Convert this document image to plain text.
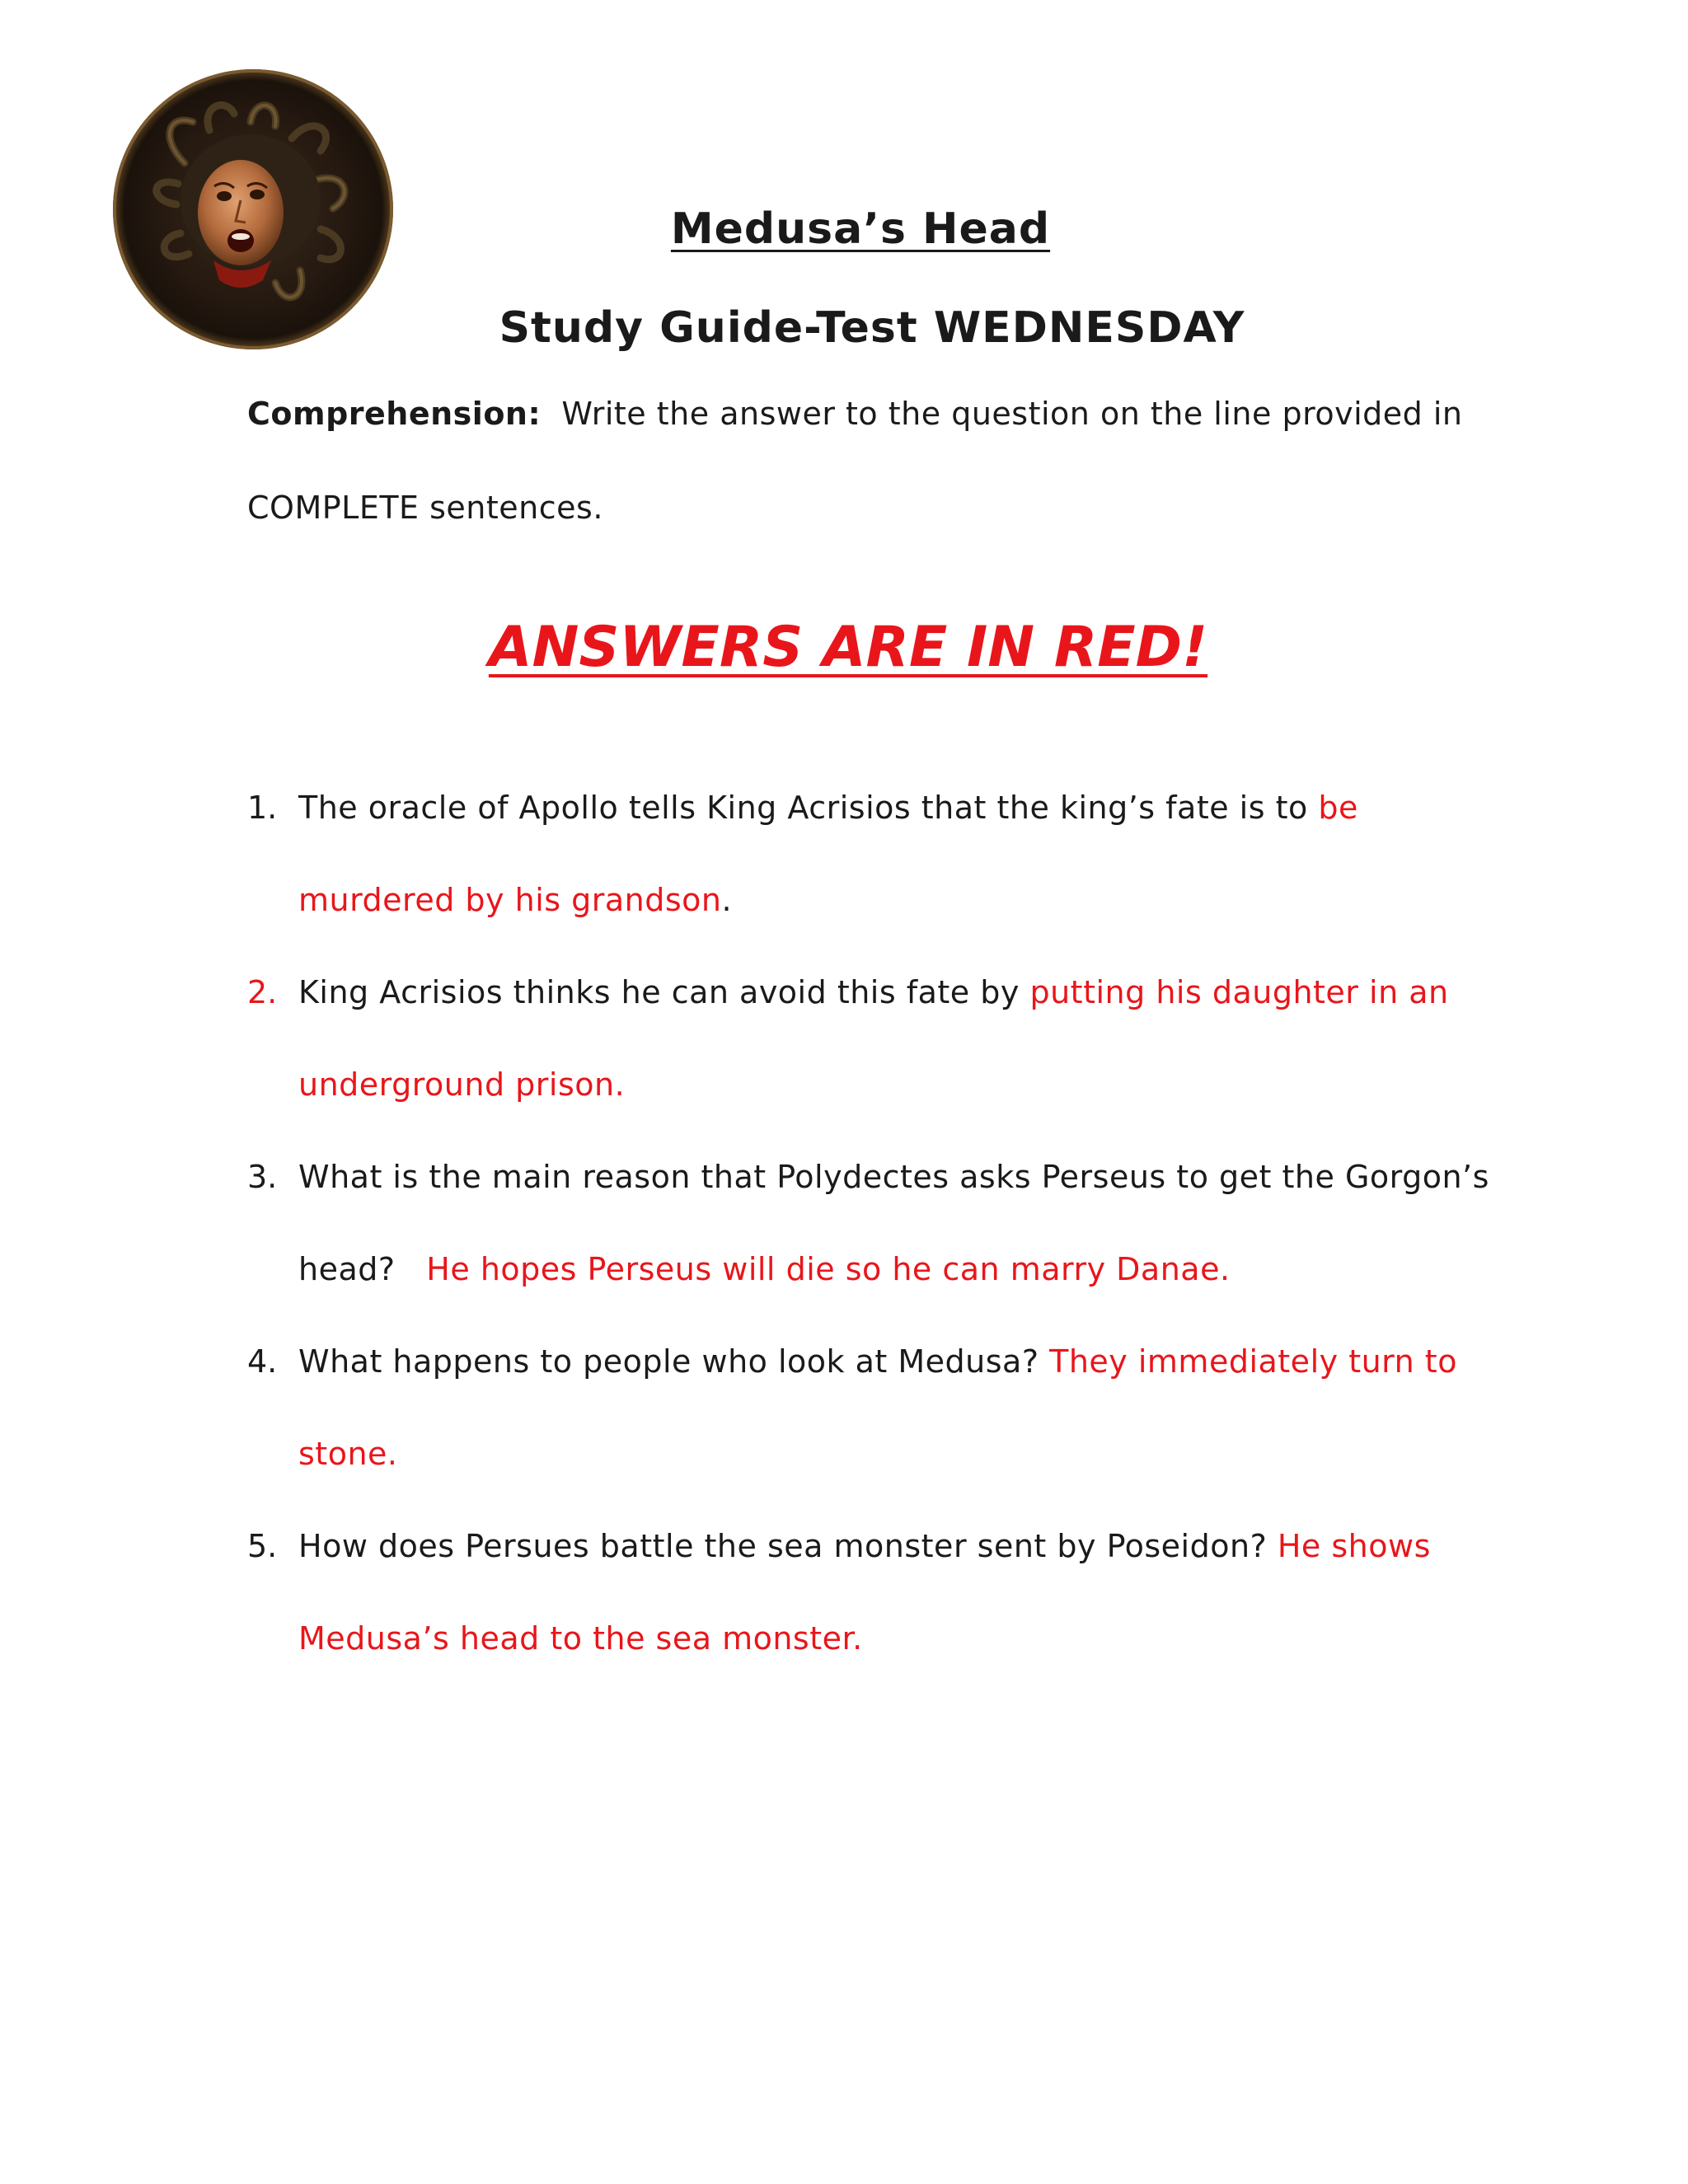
Medusa’s Head
Study Guide-Test WEDNESDAY
Comprehension: Write the answer to the question on the line provided in
COMPLETE sentences.
ANSWERS ARE IN RED!
1. The oracle of Apollo tells King Acrisios that the king’s fate is to be
murdered by his grandson.
2. King Acrisios thinks he can avoid this fate by putting his daughter in an
underground prison.
3. What is the main reason that Polydectes asks Perseus to get the Gorgon’s
head? He hopes Perseus will die so he can marry Danae.
4. What happens to people who look at Medusa? They immediately turn to
stone.
5. How does Persues battle the sea monster sent by Poseidon? He shows
Medusa’s head to the sea monster.
